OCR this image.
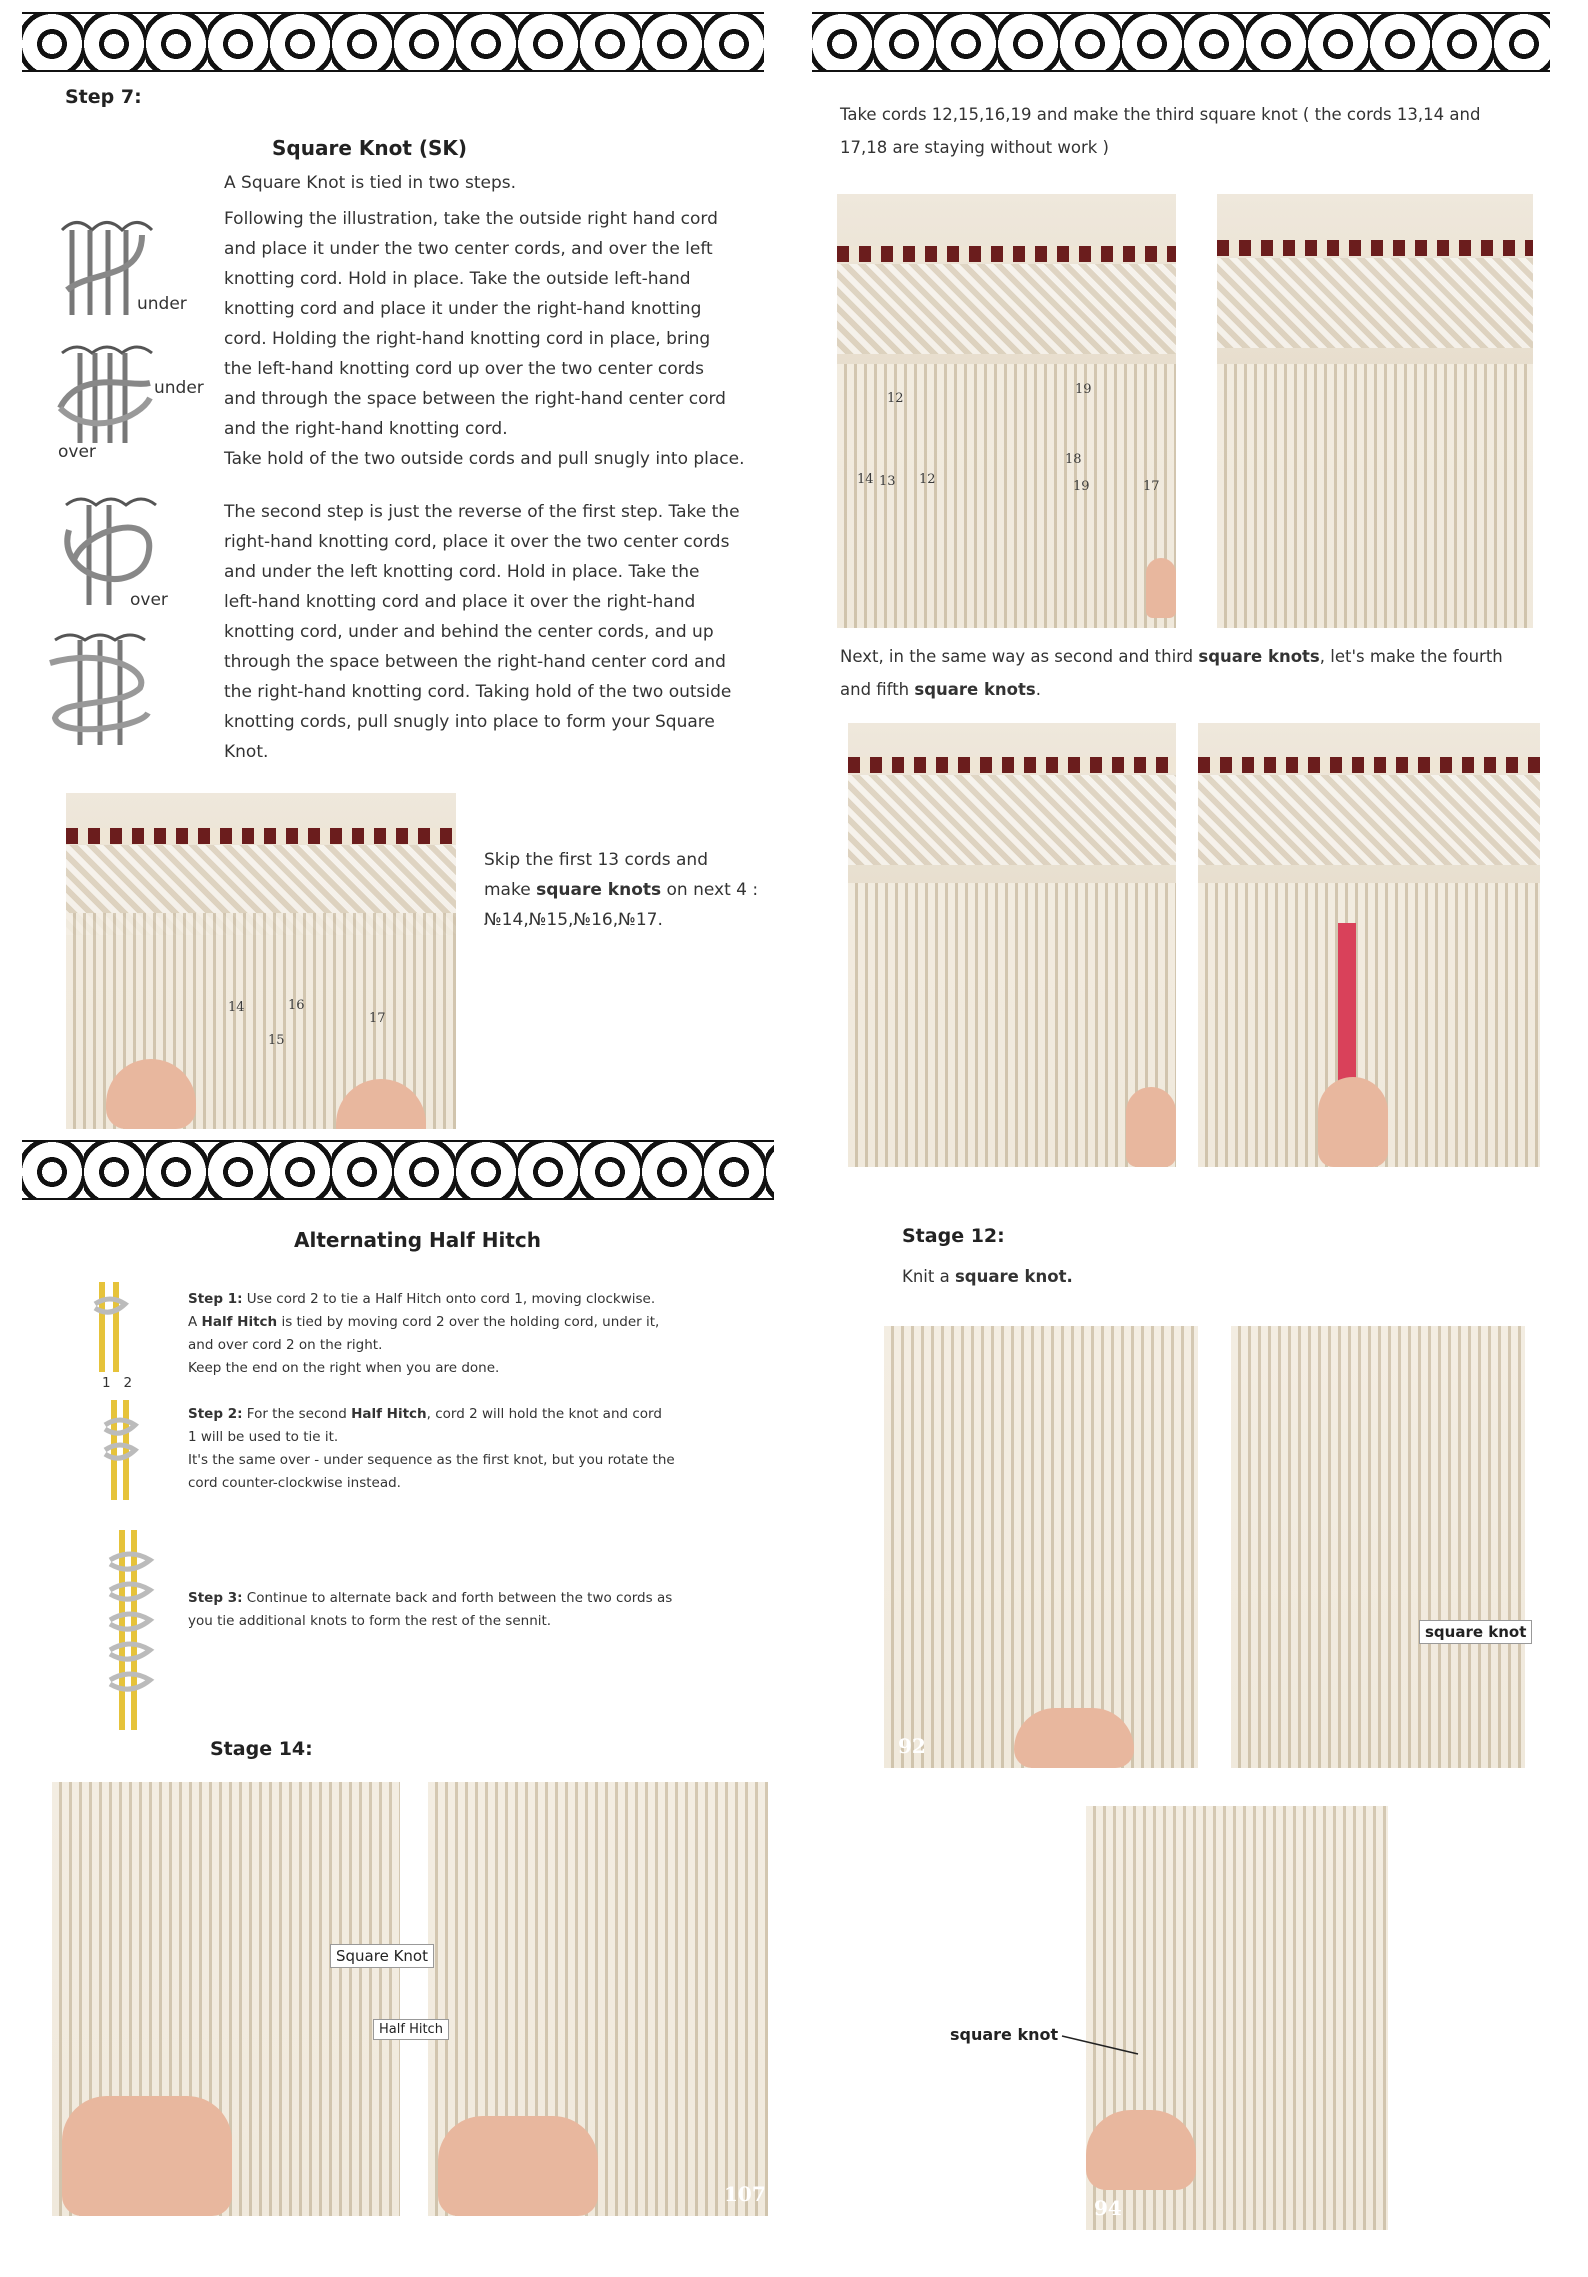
Step 7:
Square Knot (SK)
A Square Knot is tied in two steps.
Following the illustration, take the outside right hand cord
and place it under the two center cords, and over the left
knotting cord. Hold in place. Take the outside left-hand
knotting cord and place it under the right-hand knotting
cord. Holding the right-hand knotting cord in place, bring
the left-hand knotting cord up over the two center cords
and through the space between the right-hand center cord
and the right-hand knotting cord.
Take hold of the two outside cords and pull snugly into place.
The second step is just the reverse of the first step. Take the
right-hand knotting cord, place it over the two center cords
and under the left knotting cord. Hold in place. Take the
left-hand knotting cord and place it over the right-hand
knotting cord, under and behind the center cords, and up
through the space between the right-hand center cord and
the right-hand knotting cord. Taking hold of the two outside
knotting cords, pull snugly into place to form your Square
Knot.
under
under
over
over
14	16
15
17
Skip the first 13 cords and
make square knots on next 4 :
№14,№15,№16,№17.
Alternating Half Hitch
1 2
Step 1: Use cord 2 to tie a Half Hitch onto cord 1, moving clockwise.
A Half Hitch is tied by moving cord 2 over the holding cord, under it,
and over cord 2 on the right.
Keep the end on the right when you are done.
Step 2: For the second Half Hitch, cord 2 will hold the knot and cord
1 will be used to tie it.
It's the same over - under sequence as the first knot, but you rotate the
cord counter-clockwise instead.
Step 3: Continue to alternate back and forth between the two cords as
you tie additional knots to form the rest of the sennit.
Stage 14:
107
Square Knot
Half Hitch
Take cords 12,15,16,19 and make the third square knot ( the cords 13,14 and
17,18 are staying without work )
12
19
14 13 12
18
19	17
Next, in the same way as second and third square knots, let's make the fourth
and fifth square knots.
Stage 12:
Knit a square knot.
92
square knot
94
square knot
